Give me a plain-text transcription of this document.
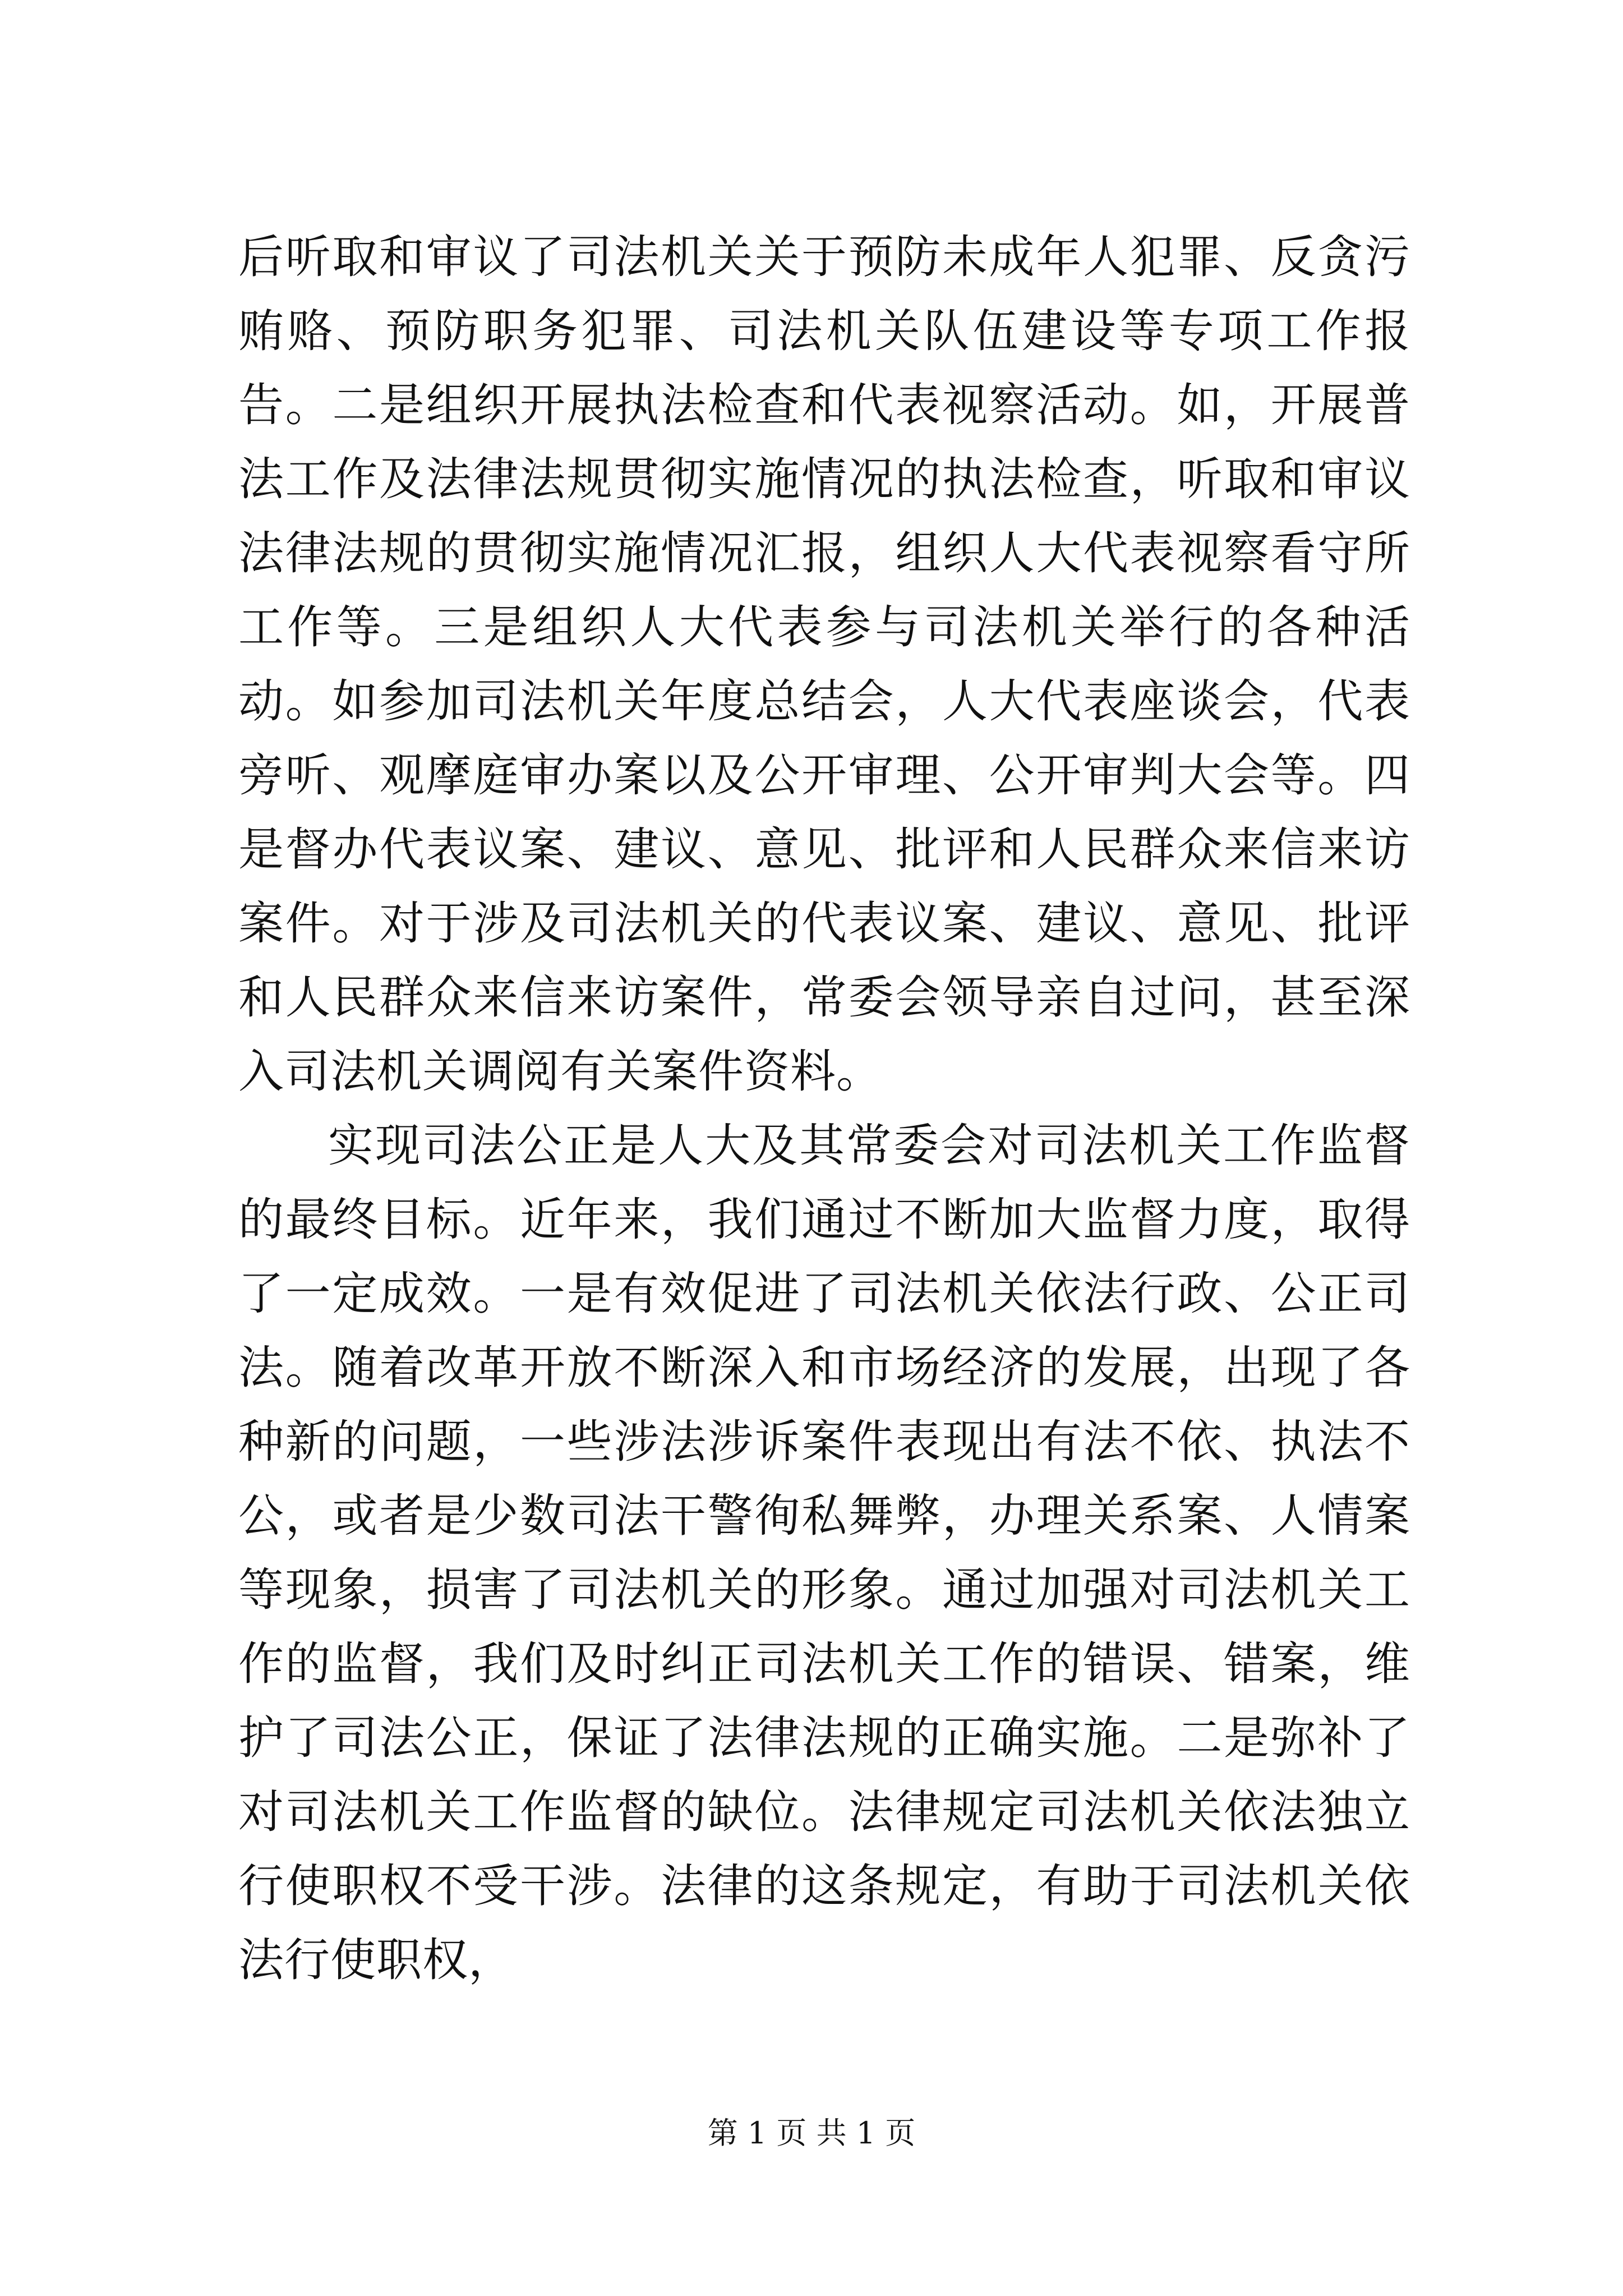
后听取和审议了司法机关关于预防未成年人犯罪、反贪污贿赂、预防职务犯罪、司法机关队伍建设等专项工作报告。二是组织开展执法检查和代表视察活动。如，开展普法工作及法律法规贯彻实施情况的执法检查，听取和审议法律法规的贯彻实施情况汇报，组织人大代表视察看守所工作等。三是组织人大代表参与司法机关举行的各种活动。如参加司法机关年度总结会，人大代表座谈会，代表旁听、观摩庭审办案以及公开审理、公开审判大会等。四是督办代表议案、建议、意见、批评和人民群众来信来访案件。对于涉及司法机关的代表议案、建议、意见、批评和人民群众来信来访案件，常委会领导亲自过问，甚至深入司法机关调阅有关案件资料。

实现司法公正是人大及其常委会对司法机关工作监督的最终目标。近年来，我们通过不断加大监督力度，取得了一定成效。一是有效促进了司法机关依法行政、公正司法。随着改革开放不断深入和市场经济的发展，出现了各种新的问题，一些涉法涉诉案件表现出有法不依、执法不公，或者是少数司法干警徇私舞弊，办理关系案、人情案等现象，损害了司法机关的形象。通过加强对司法机关工作的监督，我们及时纠正司法机关工作的错误、错案，维护了司法公正，保证了法律法规的正确实施。二是弥补了对司法机关工作监督的缺位。法律规定司法机关依法独立行使职权不受干涉。法律的这条规定，有助于司法机关依法行使职权，

第 1 页 共 1 页
